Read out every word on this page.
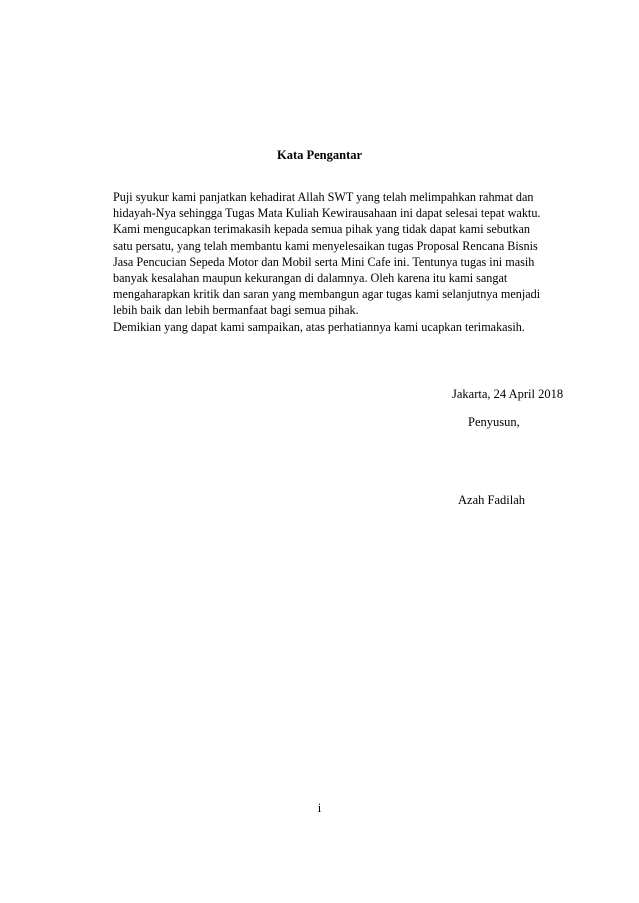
Kata Pengantar
Puji syukur kami panjatkan kehadirat Allah SWT yang telah melimpahkan rahmat dan
hidayah-Nya sehingga Tugas Mata Kuliah Kewirausahaan ini dapat selesai tepat waktu.
Kami mengucapkan terimakasih kepada semua pihak yang tidak dapat kami sebutkan
satu persatu, yang telah membantu kami menyelesaikan tugas Proposal Rencana Bisnis
Jasa Pencucian Sepeda Motor dan Mobil serta Mini Cafe ini. Tentunya tugas ini masih
banyak kesalahan maupun kekurangan di dalamnya. Oleh karena itu kami sangat
mengaharapkan kritik dan saran yang membangun agar tugas kami selanjutnya menjadi
lebih baik dan lebih bermanfaat bagi semua pihak.
Demikian yang dapat kami sampaikan, atas perhatiannya kami ucapkan terimakasih.
Jakarta, 24 April 2018
Penyusun,
Azah Fadilah
i
